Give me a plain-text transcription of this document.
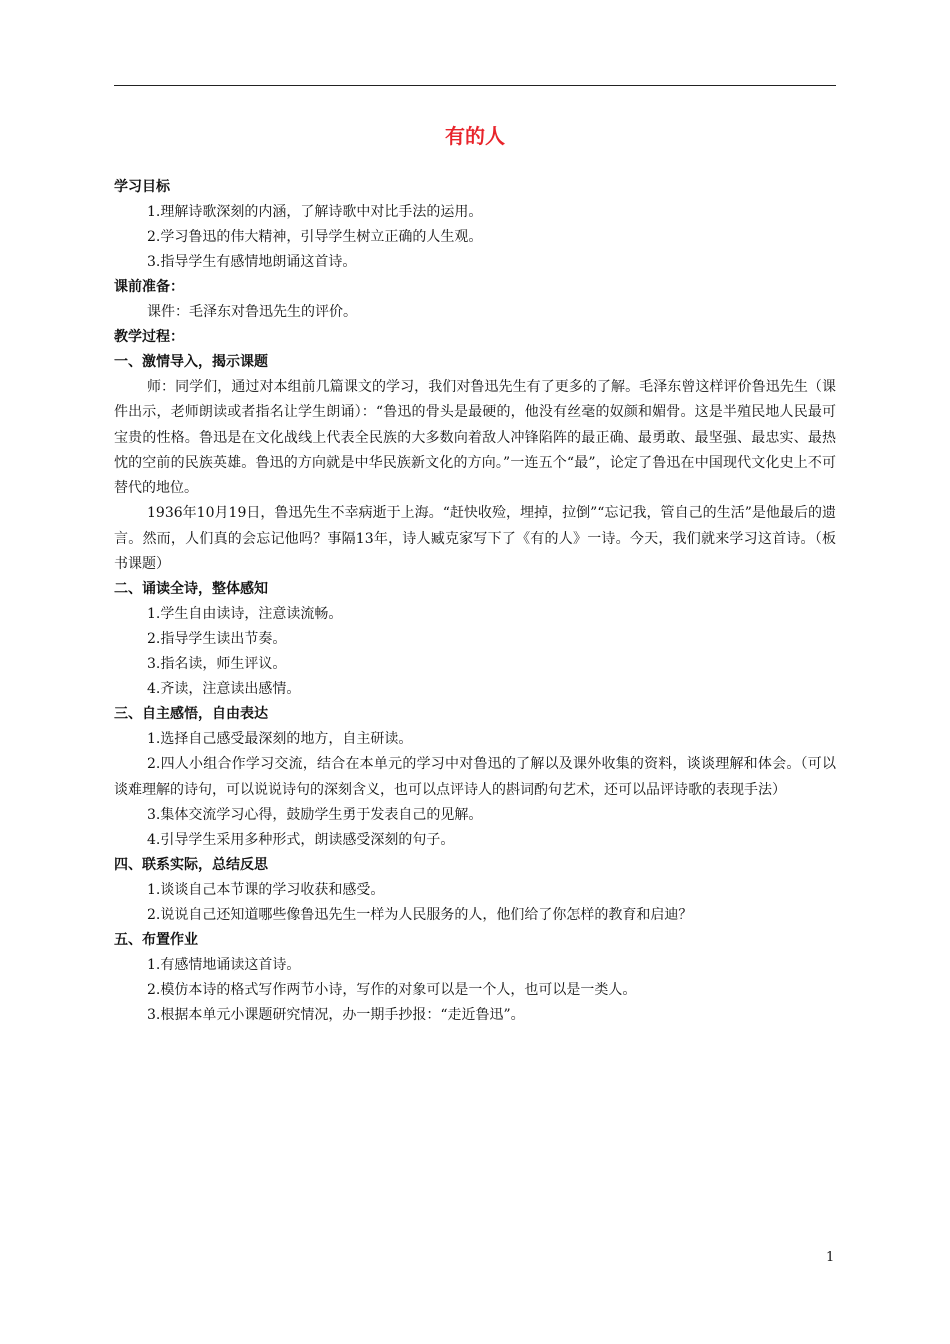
有的人
学习目标
1.理解诗歌深刻的内涵，了解诗歌中对比手法的运用。
2.学习鲁迅的伟大精神，引导学生树立正确的人生观。
3.指导学生有感情地朗诵这首诗。
课前准备：
课件：毛泽东对鲁迅先生的评价。
教学过程：
一、激情导入，揭示课题

师：同学们，通过对本组前几篇课文的学习，我们对鲁迅先生有了更多的了解。毛泽东曾这样评价鲁迅先生（课件出示，老师朗读或者指名让学生朗诵）：“鲁迅的骨头是最硬的，他没有丝毫的奴颜和媚骨。这是半殖民地人民最可宝贵的性格。鲁迅是在文化战线上代表全民族的大多数向着敌人冲锋陷阵的最正确、最勇敢、最坚强、最忠实、最热忱的空前的民族英雄。鲁迅的方向就是中华民族新文化的方向。”一连五个“最”，论定了鲁迅在中国现代文化史上不可替代的地位。

1936年10月19日，鲁迅先生不幸病逝于上海。“赶快收殓，埋掉，拉倒”“忘记我，管自己的生活”是他最后的遗言。然而，人们真的会忘记他吗？事隔13年，诗人臧克家写下了《有的人》一诗。今天，我们就来学习这首诗。（板书课题）

二、诵读全诗，整体感知
1.学生自由读诗，注意读流畅。
2.指导学生读出节奏。
3.指名读，师生评议。
4.齐读，注意读出感情。
三、自主感悟，自由表达
1.选择自己感受最深刻的地方，自主研读。

2.四人小组合作学习交流，结合在本单元的学习中对鲁迅的了解以及课外收集的资料，谈谈理解和体会。（可以谈难理解的诗句，可以说说诗句的深刻含义，也可以点评诗人的斟词酌句艺术，还可以品评诗歌的表现手法）

3.集体交流学习心得，鼓励学生勇于发表自己的见解。
4.引导学生采用多种形式，朗读感受深刻的句子。
四、联系实际，总结反思
1.谈谈自己本节课的学习收获和感受。
2.说说自己还知道哪些像鲁迅先生一样为人民服务的人，他们给了你怎样的教育和启迪？
五、布置作业
1.有感情地诵读这首诗。
2.模仿本诗的格式写作两节小诗，写作的对象可以是一个人，也可以是一类人。
3.根据本单元小课题研究情况，办一期手抄报：“走近鲁迅”。
1
